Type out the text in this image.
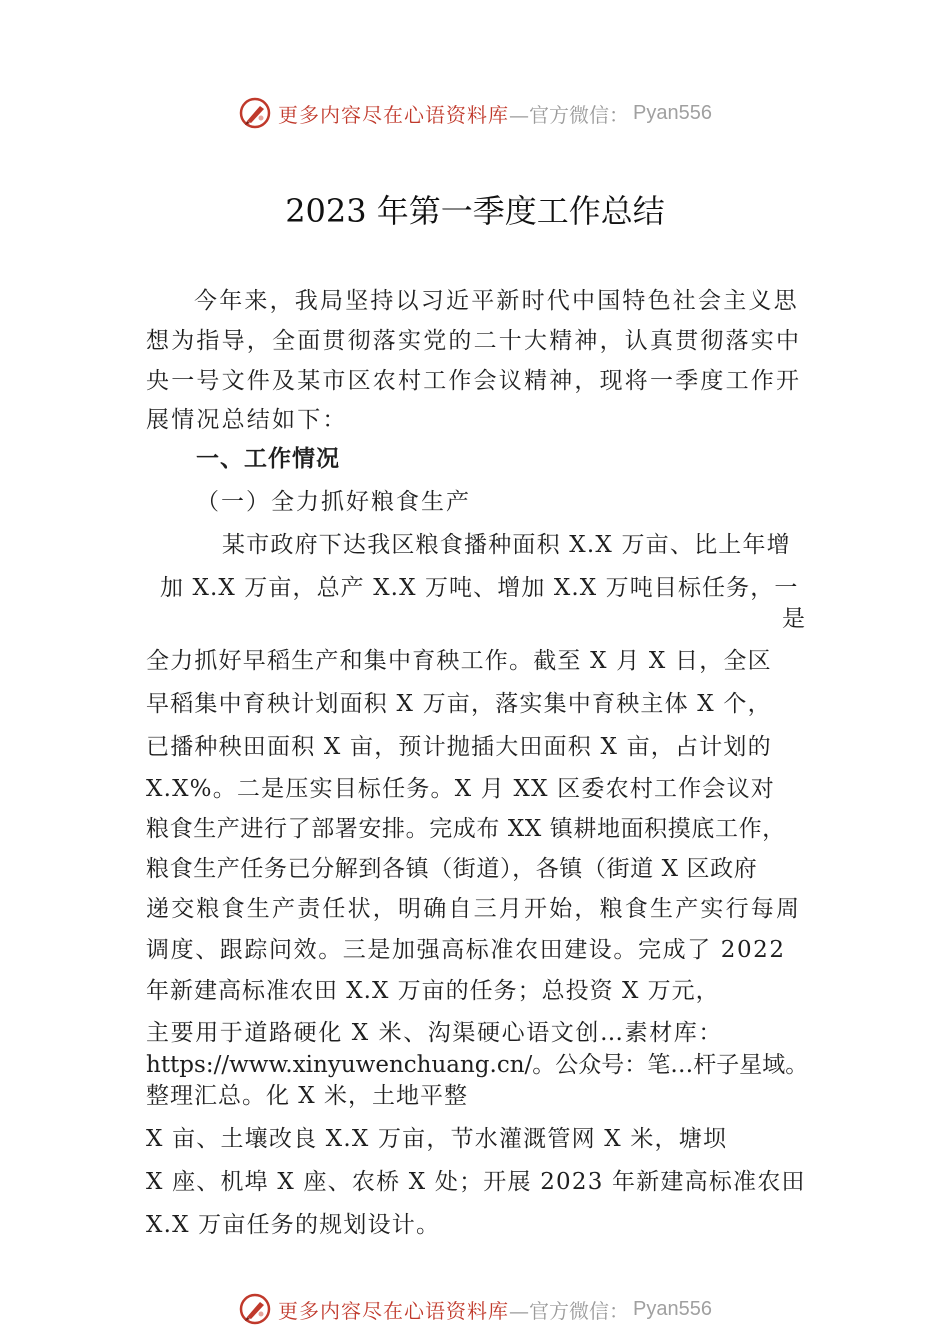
更多内容尽在心语资料库 —官方微信： Pyan556
2023 年第一季度工作总结
今年来，我局坚持以习近平新时代中国特色社会主义思
想为指导，全面贯彻落实党的二十大精神，认真贯彻落实中
央一号文件及某市区农村工作会议精神，现将一季度工作开
展情况总结如下：
一、工作情况
（一）全力抓好粮食生产
某市政府下达我区粮食播种面积 X.X 万亩、比上年增
加 X.X 万亩，总产 X.X 万吨、增加 X.X 万吨目标任务，一
是
全力抓好早稻生产和集中育秧工作。截至 X 月 X 日，全区
早稻集中育秧计划面积 X 万亩，落实集中育秧主体 X 个，
已播种秧田面积 X 亩，预计抛插大田面积 X 亩，占计划的
X.X%。二是压实目标任务。X 月 XX 区委农村工作会议对
粮食生产进行了部署安排。完成布 XX 镇耕地面积摸底工作，
粮食生产任务已分解到各镇（街道），各镇（街道 X 区政府
递交粮食生产责任状，明确自三月开始，粮食生产实行每周
调度、跟踪问效。三是加强高标准农田建设。完成了 2022
年新建高标准农田 X.X 万亩的任务；总投资 X 万元，
主要用于道路硬化 X 米、沟渠硬心语文创…素材库：
https://www.xinyuwenchuang.cn/。公众号：笔…杆子星域。
整理汇总。化 X 米，土地平整
X 亩、土壤改良 X.X 万亩，节水灌溉管网 X 米，塘坝
X 座、机埠 X 座、农桥 X 处；开展 2023 年新建高标准农田
X.X 万亩任务的规划设计。
更多内容尽在心语资料库 —官方微信： Pyan556
